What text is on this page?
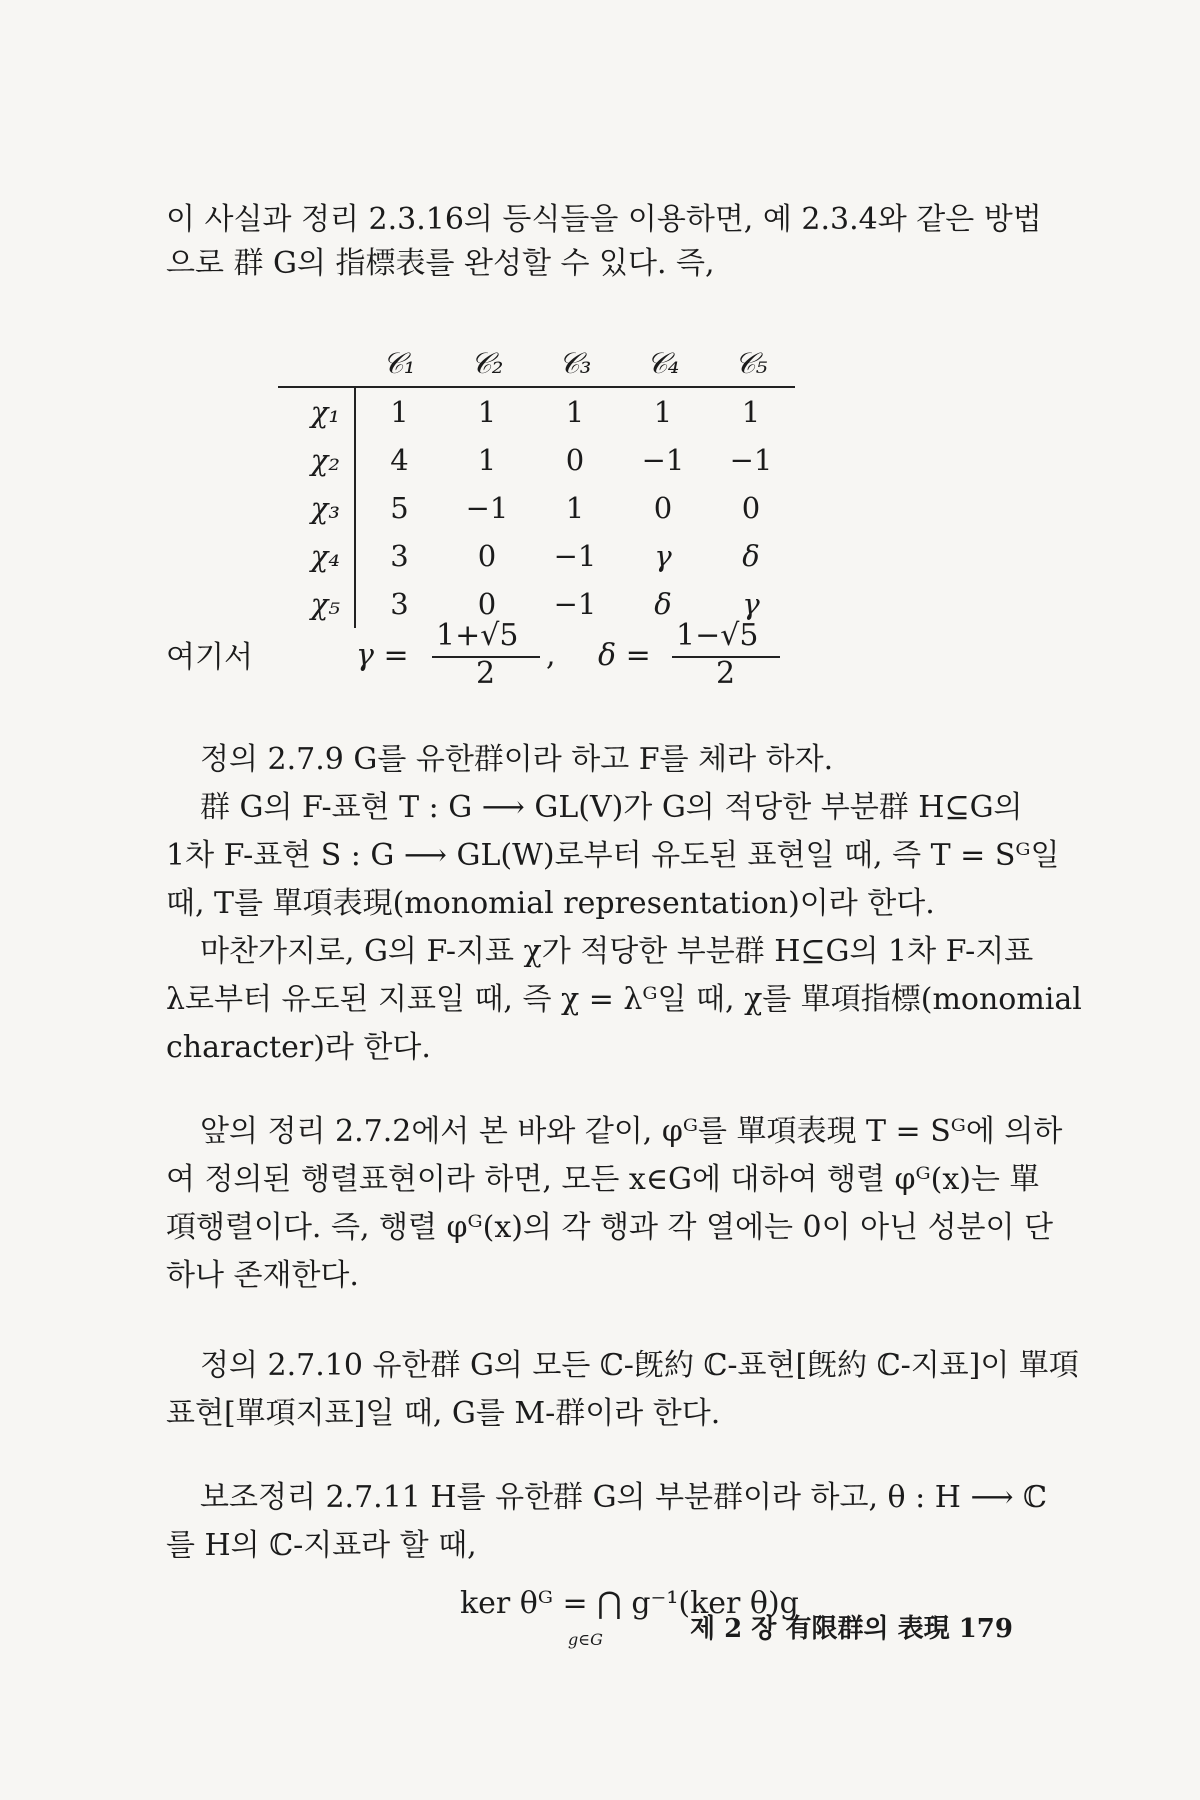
이 사실과 정리 2.3.16의 등식들을 이용하면, 예 2.3.4와 같은 방법
으로 群 G의 指標表를 완성할 수 있다. 즉,
	𝒞₁	𝒞₂	𝒞₃	𝒞₄	𝒞₅
χ₁	1	1	1	1	1
χ₂	4	1	0	−1	−1
χ₃	5	−1	1	0	0
χ₄	3	0	−1	γ	δ
χ₅	3	0	−1	δ	γ
여기서	γ =
1+√5
2
, δ =
1−√5
2
정의 2.7.9 G를 유한群이라 하고 F를 체라 하자.
群 G의 F-표현 T : G ⟶ GL(V)가 G의 적당한 부분群 H⊆G의
1차 F-표현 S : G ⟶ GL(W)로부터 유도된 표현일 때, 즉 T = Sᴳ일
때, T를 單項表現(monomial representation)이라 한다.
마찬가지로, G의 F-지표 χ가 적당한 부분群 H⊆G의 1차 F-지표
λ로부터 유도된 지표일 때, 즉 χ = λᴳ일 때, χ를 單項指標(monomial
character)라 한다.
앞의 정리 2.7.2에서 본 바와 같이, φᴳ를 單項表現 T = Sᴳ에 의하
여 정의된 행렬표현이라 하면, 모든 x∈G에 대하여 행렬 φᴳ(x)는 單
項행렬이다. 즉, 행렬 φᴳ(x)의 각 행과 각 열에는 0이 아닌 성분이 단
하나 존재한다.
정의 2.7.10 유한群 G의 모든 ℂ-旣約 ℂ-표현[旣約 ℂ-지표]이 單項
표현[單項지표]일 때, G를 M-群이라 한다.
보조정리 2.7.11 H를 유한群 G의 부분群이라 하고, θ : H ⟶ ℂ
를 H의 ℂ-지표라 할 때,
ker θᴳ = ⋂ g⁻¹(ker θ)g
g∈G	제 2 장 有限群의 表現 179
